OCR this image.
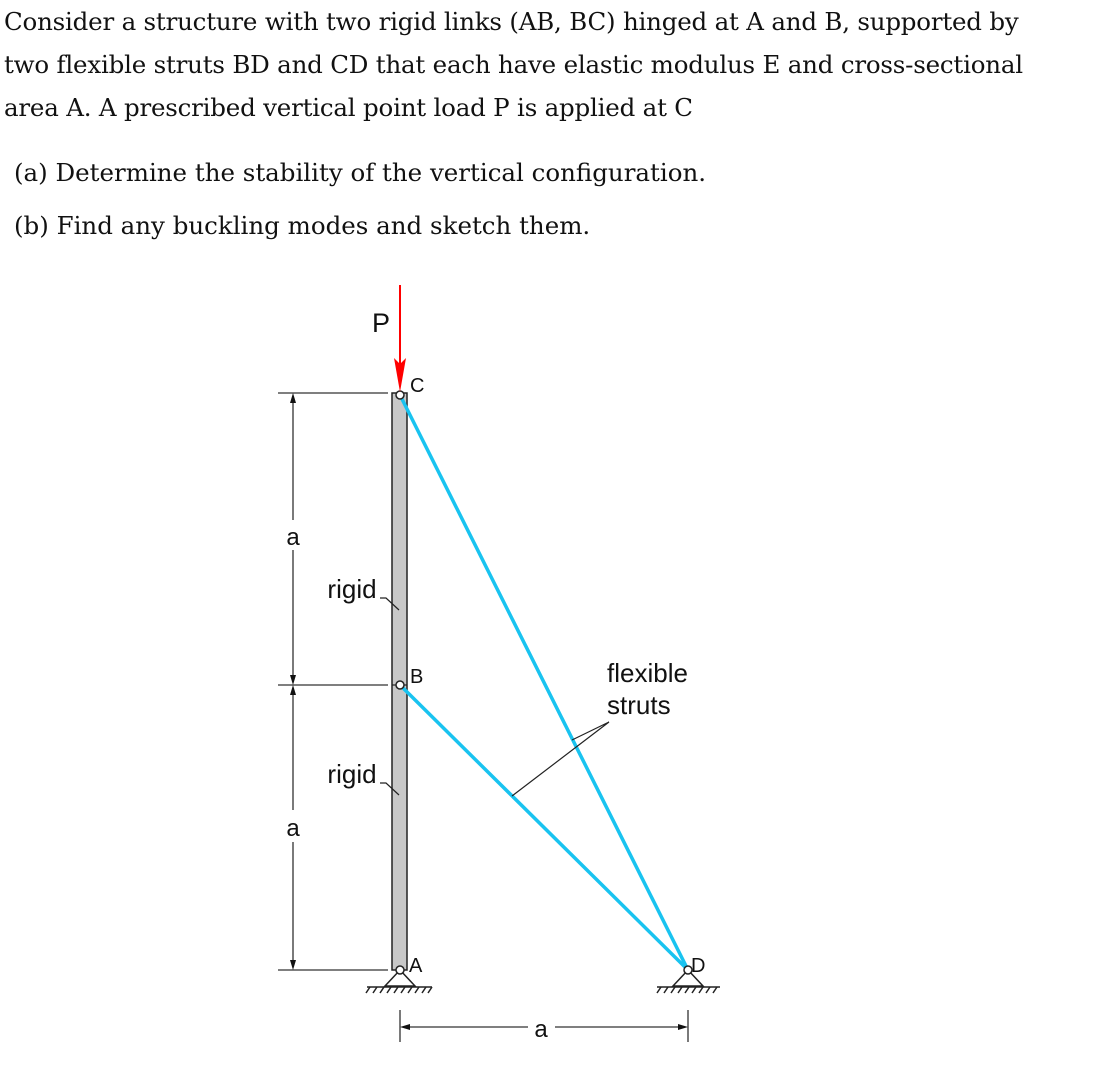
Consider a structure with two rigid links (AB, BC) hinged at A and B, supported by
two flexible struts BD and CD that each have elastic modulus E and cross-sectional
area A. A prescribed vertical point load P is applied at C
(a) Determine the stability of the vertical configuration.
(b) Find any buckling modes and sketch them.
a
a
a
P
C
B
A	D
rigid
rigid
flexible
struts
